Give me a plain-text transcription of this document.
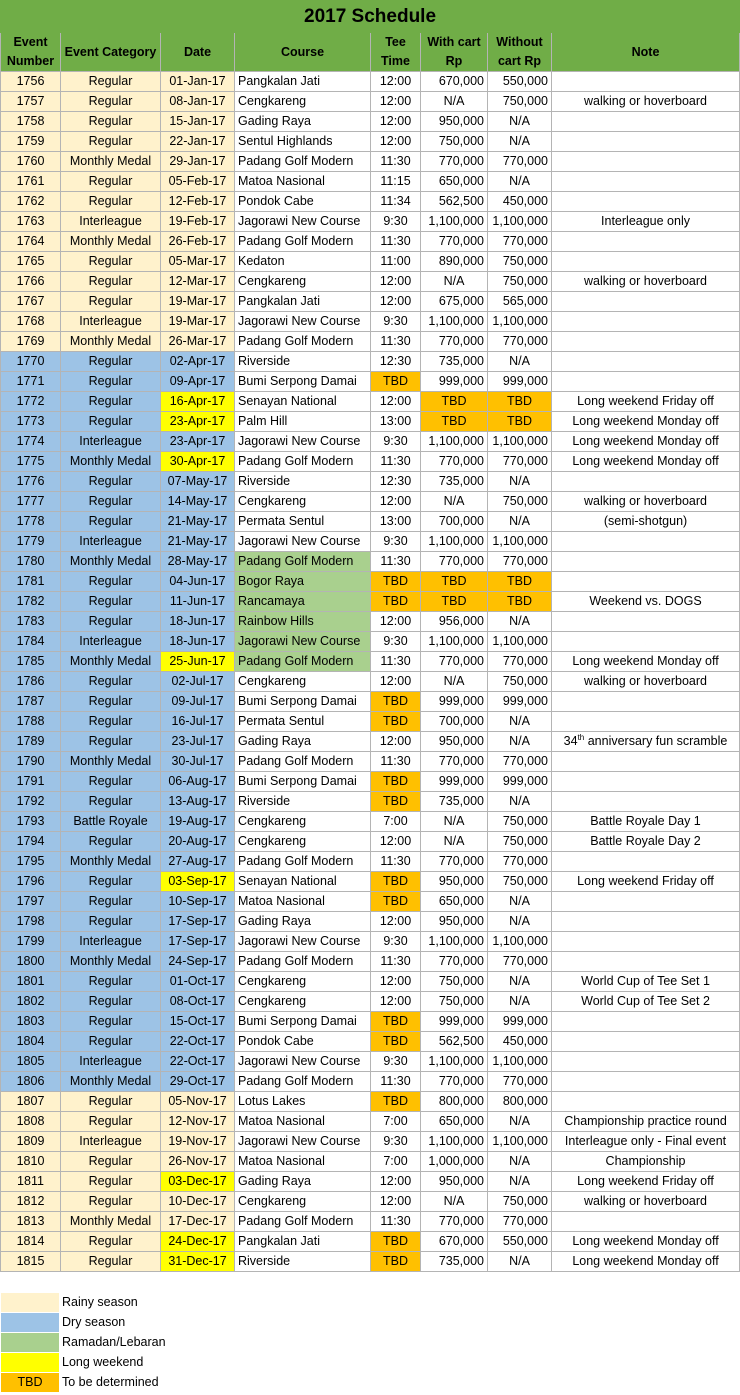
2017 Schedule							
Event Number	Event Category	Date	Course	Tee Time	With cart Rp	Without cart Rp	Note
1756	Regular	01-Jan-17	Pangkalan Jati	12:00	670,000	550,000	
1757	Regular	08-Jan-17	Cengkareng	12:00	N/A	750,000	walking or hoverboard
1758	Regular	15-Jan-17	Gading Raya	12:00	950,000	N/A	
1759	Regular	22-Jan-17	Sentul Highlands	12:00	750,000	N/A	
1760	Monthly Medal	29-Jan-17	Padang Golf Modern	11:30	770,000	770,000	
1761	Regular	05-Feb-17	Matoa Nasional	11:15	650,000	N/A	
1762	Regular	12-Feb-17	Pondok Cabe	11:34	562,500	450,000	
1763	Interleague	19-Feb-17	Jagorawi New Course	9:30	1,100,000	1,100,000	Interleague only
1764	Monthly Medal	26-Feb-17	Padang Golf Modern	11:30	770,000	770,000	
1765	Regular	05-Mar-17	Kedaton	11:00	890,000	750,000	
1766	Regular	12-Mar-17	Cengkareng	12:00	N/A	750,000	walking or hoverboard
1767	Regular	19-Mar-17	Pangkalan Jati	12:00	675,000	565,000	
1768	Interleague	19-Mar-17	Jagorawi New Course	9:30	1,100,000	1,100,000	
1769	Monthly Medal	26-Mar-17	Padang Golf Modern	11:30	770,000	770,000	
1770	Regular	02-Apr-17	Riverside	12:30	735,000	N/A	
1771	Regular	09-Apr-17	Bumi Serpong Damai	TBD	999,000	999,000	
1772	Regular	16-Apr-17	Senayan National	12:00	TBD	TBD	Long weekend Friday off
1773	Regular	23-Apr-17	Palm Hill	13:00	TBD	TBD	Long weekend Monday off
1774	Interleague	23-Apr-17	Jagorawi New Course	9:30	1,100,000	1,100,000	Long weekend Monday off
1775	Monthly Medal	30-Apr-17	Padang Golf Modern	11:30	770,000	770,000	Long weekend Monday off
1776	Regular	07-May-17	Riverside	12:30	735,000	N/A	
1777	Regular	14-May-17	Cengkareng	12:00	N/A	750,000	walking or hoverboard
1778	Regular	21-May-17	Permata Sentul	13:00	700,000	N/A	(semi-shotgun)
1779	Interleague	21-May-17	Jagorawi New Course	9:30	1,100,000	1,100,000	
1780	Monthly Medal	28-May-17	Padang Golf Modern	11:30	770,000	770,000	
1781	Regular	04-Jun-17	Bogor Raya	TBD	TBD	TBD	
1782	Regular	11-Jun-17	Rancamaya	TBD	TBD	TBD	Weekend vs. DOGS
1783	Regular	18-Jun-17	Rainbow Hills	12:00	956,000	N/A	
1784	Interleague	18-Jun-17	Jagorawi New Course	9:30	1,100,000	1,100,000	
1785	Monthly Medal	25-Jun-17	Padang Golf Modern	11:30	770,000	770,000	Long weekend Monday off
1786	Regular	02-Jul-17	Cengkareng	12:00	N/A	750,000	walking or hoverboard
1787	Regular	09-Jul-17	Bumi Serpong Damai	TBD	999,000	999,000	
1788	Regular	16-Jul-17	Permata Sentul	TBD	700,000	N/A	
1789	Regular	23-Jul-17	Gading Raya	12:00	950,000	N/A	34th anniversary fun scramble
1790	Monthly Medal	30-Jul-17	Padang Golf Modern	11:30	770,000	770,000	
1791	Regular	06-Aug-17	Bumi Serpong Damai	TBD	999,000	999,000	
1792	Regular	13-Aug-17	Riverside	TBD	735,000	N/A	
1793	Battle Royale	19-Aug-17	Cengkareng	7:00	N/A	750,000	Battle Royale Day 1
1794	Regular	20-Aug-17	Cengkareng	12:00	N/A	750,000	Battle Royale Day 2
1795	Monthly Medal	27-Aug-17	Padang Golf Modern	11:30	770,000	770,000	
1796	Regular	03-Sep-17	Senayan National	TBD	950,000	750,000	Long weekend Friday off
1797	Regular	10-Sep-17	Matoa Nasional	TBD	650,000	N/A	
1798	Regular	17-Sep-17	Gading Raya	12:00	950,000	N/A	
1799	Interleague	17-Sep-17	Jagorawi New Course	9:30	1,100,000	1,100,000	
1800	Monthly Medal	24-Sep-17	Padang Golf Modern	11:30	770,000	770,000	
1801	Regular	01-Oct-17	Cengkareng	12:00	750,000	N/A	World Cup of Tee Set 1
1802	Regular	08-Oct-17	Cengkareng	12:00	750,000	N/A	World Cup of Tee Set 2
1803	Regular	15-Oct-17	Bumi Serpong Damai	TBD	999,000	999,000	
1804	Regular	22-Oct-17	Pondok Cabe	TBD	562,500	450,000	
1805	Interleague	22-Oct-17	Jagorawi New Course	9:30	1,100,000	1,100,000	
1806	Monthly Medal	29-Oct-17	Padang Golf Modern	11:30	770,000	770,000	
1807	Regular	05-Nov-17	Lotus Lakes	TBD	800,000	800,000	
1808	Regular	12-Nov-17	Matoa Nasional	7:00	650,000	N/A	Championship practice round
1809	Interleague	19-Nov-17	Jagorawi New Course	9:30	1,100,000	1,100,000	Interleague only - Final event
1810	Regular	26-Nov-17	Matoa Nasional	7:00	1,000,000	N/A	Championship
1811	Regular	03-Dec-17	Gading Raya	12:00	950,000	N/A	Long weekend Friday off
1812	Regular	10-Dec-17	Cengkareng	12:00	N/A	750,000	walking or hoverboard
1813	Monthly Medal	17-Dec-17	Padang Golf Modern	11:30	770,000	770,000	
1814	Regular	24-Dec-17	Pangkalan Jati	TBD	670,000	550,000	Long weekend Monday off
1815	Regular	31-Dec-17	Riverside	TBD	735,000	N/A	Long weekend Monday off
Rainy season
Dry season
Ramadan/Lebaran
Long weekend
TBD	To be determined
